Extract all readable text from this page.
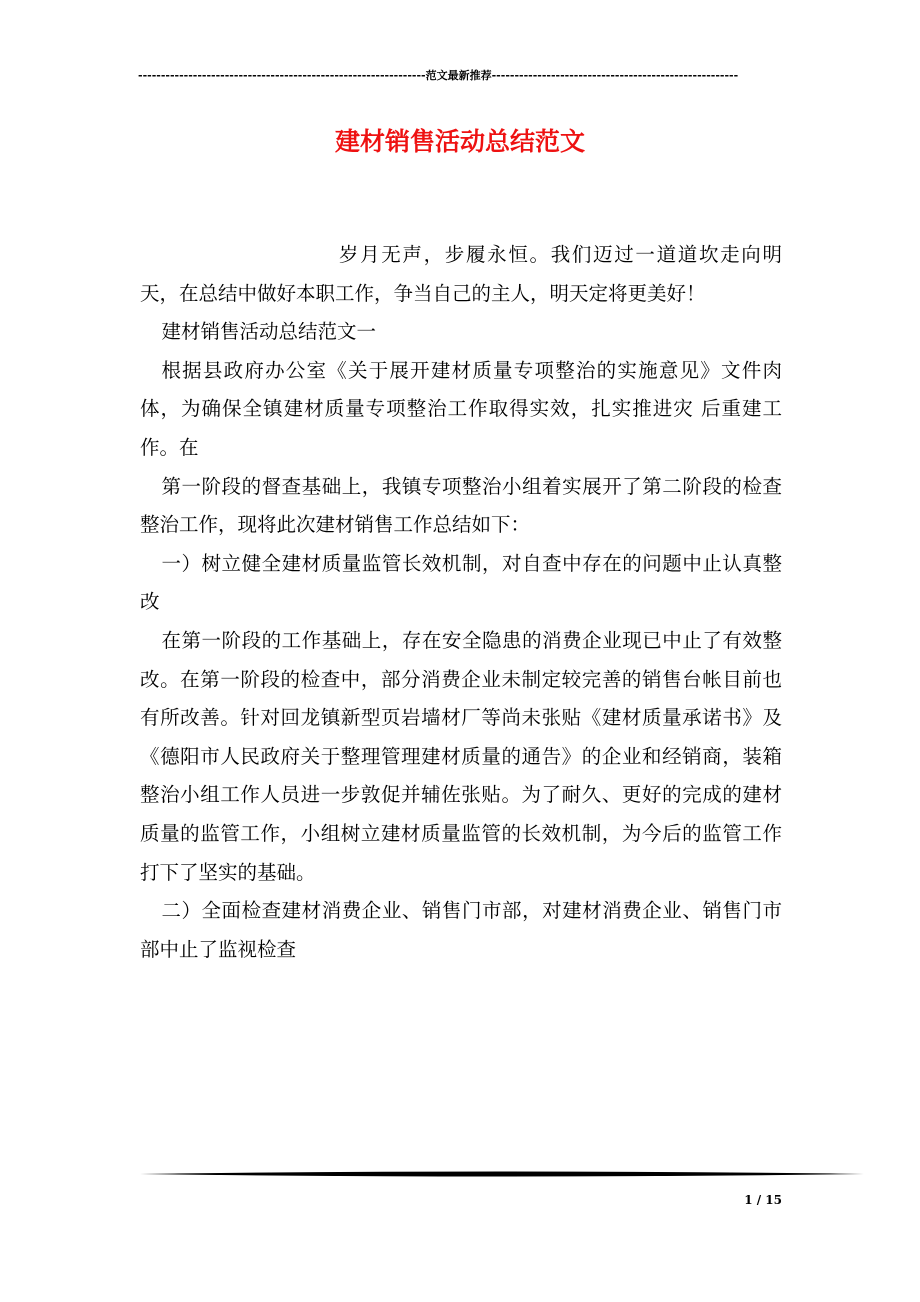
---------------------------------------------------------------范文最新推荐------------------------------------------------------
建材销售活动总结范文

岁月无声，步履永恒。我们迈过一道道坎走向明天，在总结中做好本职工作，争当自己的主人，明天定将更美好！

建材销售活动总结范文一

根据县政府办公室《关于展开建材质量专项整治的实施意见》文件肉体，为确保全镇建材质量专项整治工作取得实效，扎实推进灾 后重建工作。在

第一阶段的督查基础上，我镇专项整治小组着实展开了第二阶段的检查整治工作，现将此次建材销售工作总结如下：

一）树立健全建材质量监管长效机制，对自查中存在的问题中止认真整改

在第一阶段的工作基础上，存在安全隐患的消费企业现已中止了有效整改。在第一阶段的检查中，部分消费企业未制定较完善的销售台帐目前也有所改善。针对回龙镇新型页岩墙材厂等尚未张贴《建材质量承诺书》及《德阳市人民政府关于整理管理建材质量的通告》的企业和经销商，装箱整治小组工作人员进一步敦促并辅佐张贴。为了耐久、更好的完成的建材质量的监管工作，小组树立建材质量监管的长效机制，为今后的监管工作打下了坚实的基础。

二）全面检查建材消费企业、销售门市部，对建材消费企业、销售门市部中止了监视检查

1 / 15
